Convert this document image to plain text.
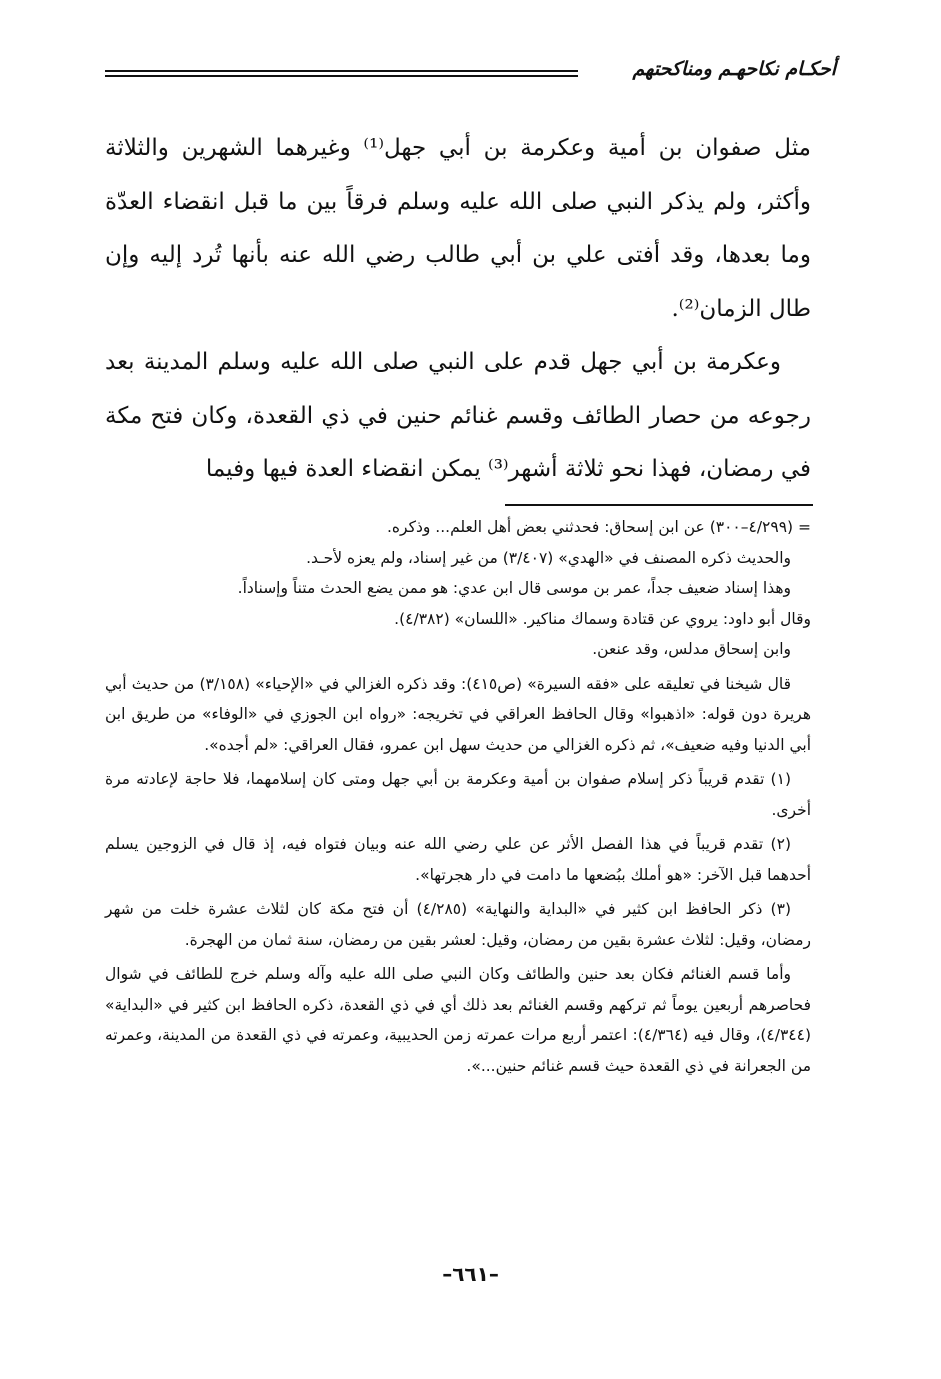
أحكـام نكاحهـم ومناكحتهم

مثل صفوان بن أمية وعكرمة بن أبي جهل⁽¹⁾ وغيرهما الشهرين والثلاثة وأكثر، ولم يذكر النبي صلى الله عليه وسلم فرقاً بين ما قبل انقضاء العدّة وما بعدها، وقد أفتى علي بن أبي طالب رضي الله عنه بأنها تُرد إليه وإن طال الزمان⁽²⁾.

وعكرمة بن أبي جهل قدم على النبي صلى الله عليه وسلم المدينة بعد رجوعه من حصار الطائف وقسم غنائم حنين في ذي القعدة، وكان فتح مكة في رمضان، فهذا نحو ثلاثة أشهر⁽³⁾ يمكن انقضاء العدة فيها وفيما

= (٤/٢٩٩–٣٠٠) عن ابن إسحاق: فحدثني بعض أهل العلم... وذكره.

والحديث ذكره المصنف في «الهدي» (٣/٤٠٧) من غير إسناد، ولم يعزه لأحـد.

وهذا إسناد ضعيف جداً، عمر بن موسى قال ابن عدي: هو ممن يضع الحدث متناً وإسناداً.

وقال أبو داود: يروي عن قتادة وسماك مناكير. «اللسان» (٤/٣٨٢).

وابن إسحاق مدلس، وقد عنعن.

قال شيخنا في تعليقه على «فقه السيرة» (ص٤١٥): وقد ذكره الغزالي في «الإحياء» (٣/١٥٨) من حديث أبي هريرة دون قوله: «اذهبوا» وقال الحافظ العراقي في تخريجه: «رواه ابن الجوزي في «الوفاء» من طريق ابن أبي الدنيا وفيه ضعيف»، ثم ذكره الغزالي من حديث سهل ابن عمرو، فقال العراقي: «لم أجده».

(١) تقدم قريباً ذكر إسلام صفوان بن أمية وعكرمة بن أبي جهل ومتى كان إسلامهما، فلا حاجة لإعادته مرة أخرى.

(٢) تقدم قريباً في هذا الفصل الأثر عن علي رضي الله عنه وبيان فتواه فيه، إذ قال في الزوجين يسلم أحدهما قبل الآخر: «هو أملك ببُضعها ما دامت في دار هجرتها».

(٣) ذكر الحافظ ابن كثير في «البداية والنهاية» (٤/٢٨٥) أن فتح مكة كان لثلاث عشرة خلت من شهر رمضان، وقيل: لثلاث عشرة بقين من رمضان، وقيل: لعشر بقين من رمضان، سنة ثمان من الهجرة.

وأما قسم الغنائم فكان بعد حنين والطائف وكان النبي صلى الله عليه وآله وسلم خرج للطائف في شوال فحاصرهم أربعين يوماً ثم تركهم وقسم الغنائم بعد ذلك أي في ذي القعدة، ذكره الحافظ ابن كثير في «البداية» (٤/٣٤٤)، وقال فيه (٤/٣٦٤): اعتمر أربع مرات عمرته زمن الحديبية، وعمرته في ذي القعدة من المدينة، وعمرته من الجعرانة في ذي القعدة حيث قسم غنائم حنين...».

–٦٦١–
